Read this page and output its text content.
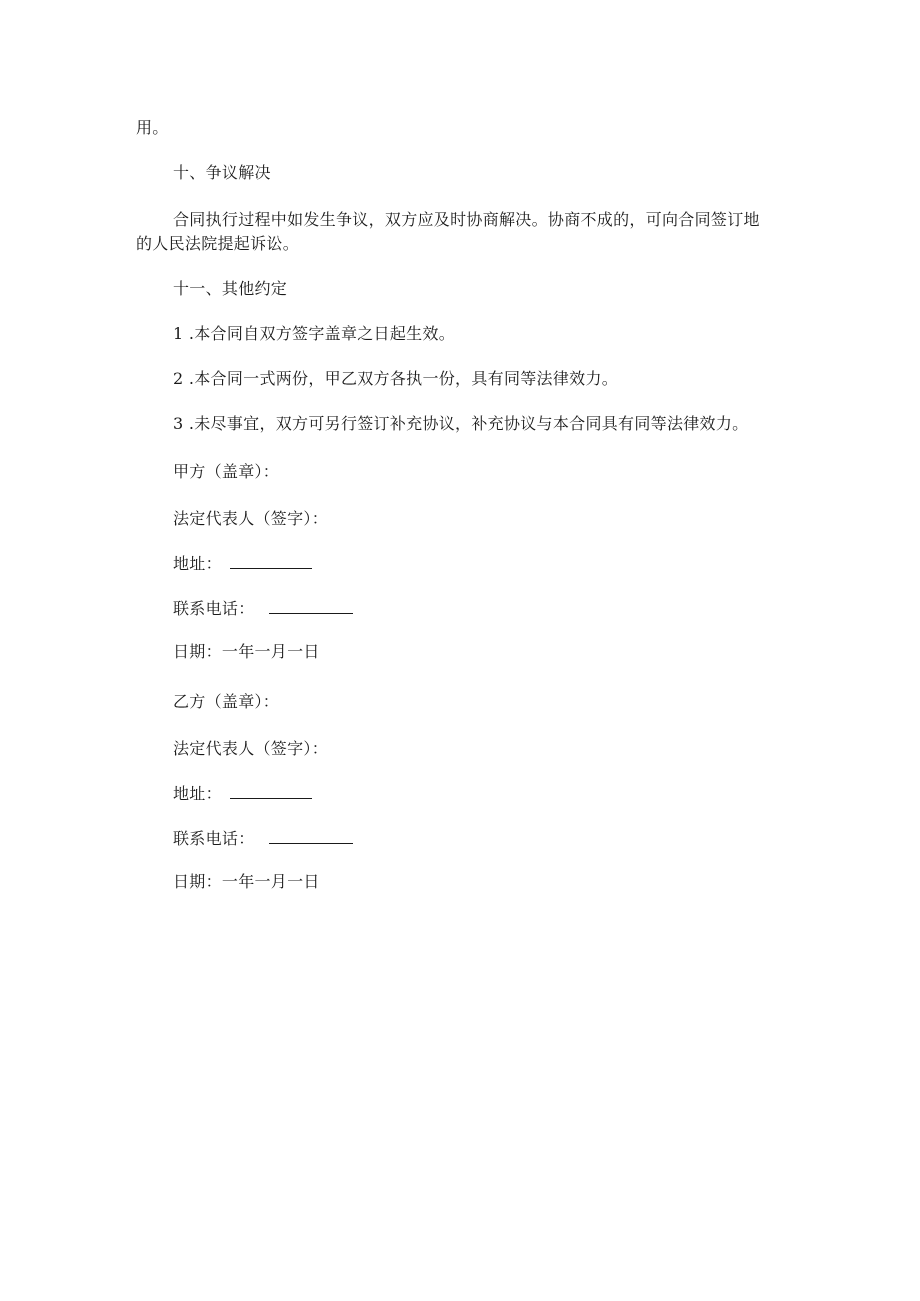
用。
十、争议解决
合同执行过程中如发生争议，双方应及时协商解决。协商不成的，可向合同签订地
的人民法院提起诉讼。
十一、其他约定
1 .本合同自双方签字盖章之日起生效。
2 .本合同一式两份，甲乙双方各执一份，具有同等法律效力。
3 .未尽事宜，双方可另行签订补充协议，补充协议与本合同具有同等法律效力。
甲方（盖章）：
法定代表人（签字）：
地址：
联系电话：
日期：一年一月一日
乙方（盖章）：
法定代表人（签字）：
地址：
联系电话：
日期：一年一月一日
